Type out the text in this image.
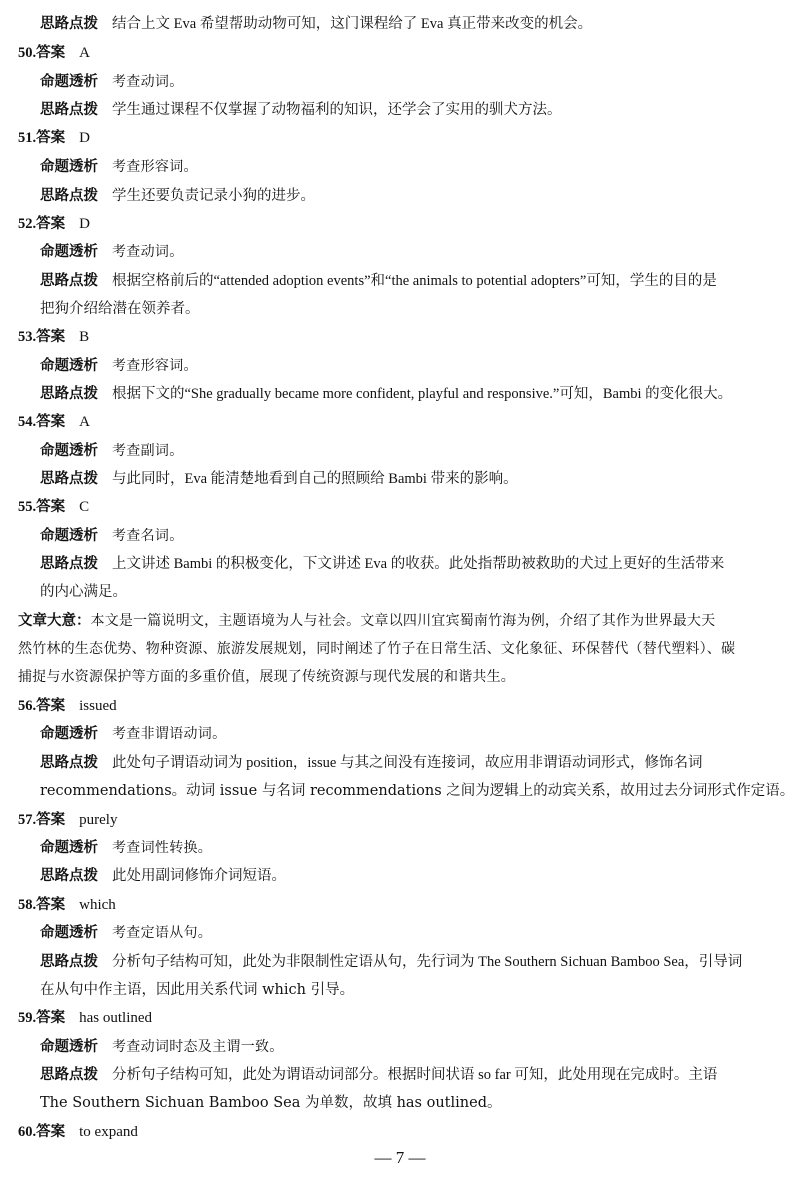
思路点拨 结合上文 Eva 希望帮助动物可知，这门课程给了 Eva 真正带来改变的机会。
50.答案 A
命题透析 考查动词。
思路点拨 学生通过课程不仅掌握了动物福利的知识，还学会了实用的驯犬方法。
51.答案 D
命题透析 考查形容词。
思路点拨 学生还要负责记录小狗的进步。
52.答案 D
命题透析 考查动词。
思路点拨 根据空格前后的“attended adoption events”和“the animals to potential adopters”可知，学生的目的是
把狗介绍给潜在领养者。
53.答案 B
命题透析 考查形容词。
思路点拨 根据下文的“She gradually became more confident, playful and responsive.”可知，Bambi 的变化很大。
54.答案 A
命题透析 考查副词。
思路点拨 与此同时，Eva 能清楚地看到自己的照顾给 Bambi 带来的影响。
55.答案 C
命题透析 考查名词。
思路点拨 上文讲述 Bambi 的积极变化，下文讲述 Eva 的收获。此处指帮助被救助的犬过上更好的生活带来
的内心满足。
文章大意：本文是一篇说明文，主题语境为人与社会。文章以四川宜宾蜀南竹海为例，介绍了其作为世界最大天
然竹林的生态优势、物种资源、旅游发展规划，同时阐述了竹子在日常生活、文化象征、环保替代（替代塑料）、碳
捕捉与水资源保护等方面的多重价值，展现了传统资源与现代发展的和谐共生。
56.答案 issued
命题透析 考查非谓语动词。
思路点拨 此处句子谓语动词为 position，issue 与其之间没有连接词，故应用非谓语动词形式，修饰名词
recommendations。动词 issue 与名词 recommendations 之间为逻辑上的动宾关系，故用过去分词形式作定语。
57.答案 purely
命题透析 考查词性转换。
思路点拨 此处用副词修饰介词短语。
58.答案 which
命题透析 考查定语从句。
思路点拨 分析句子结构可知，此处为非限制性定语从句，先行词为 The Southern Sichuan Bamboo Sea，引导词
在从句中作主语，因此用关系代词 which 引导。
59.答案 has outlined
命题透析 考查动词时态及主谓一致。
思路点拨 分析句子结构可知，此处为谓语动词部分。根据时间状语 so far 可知，此处用现在完成时。主语
The Southern Sichuan Bamboo Sea 为单数，故填 has outlined。
60.答案 to expand
— 7 —
